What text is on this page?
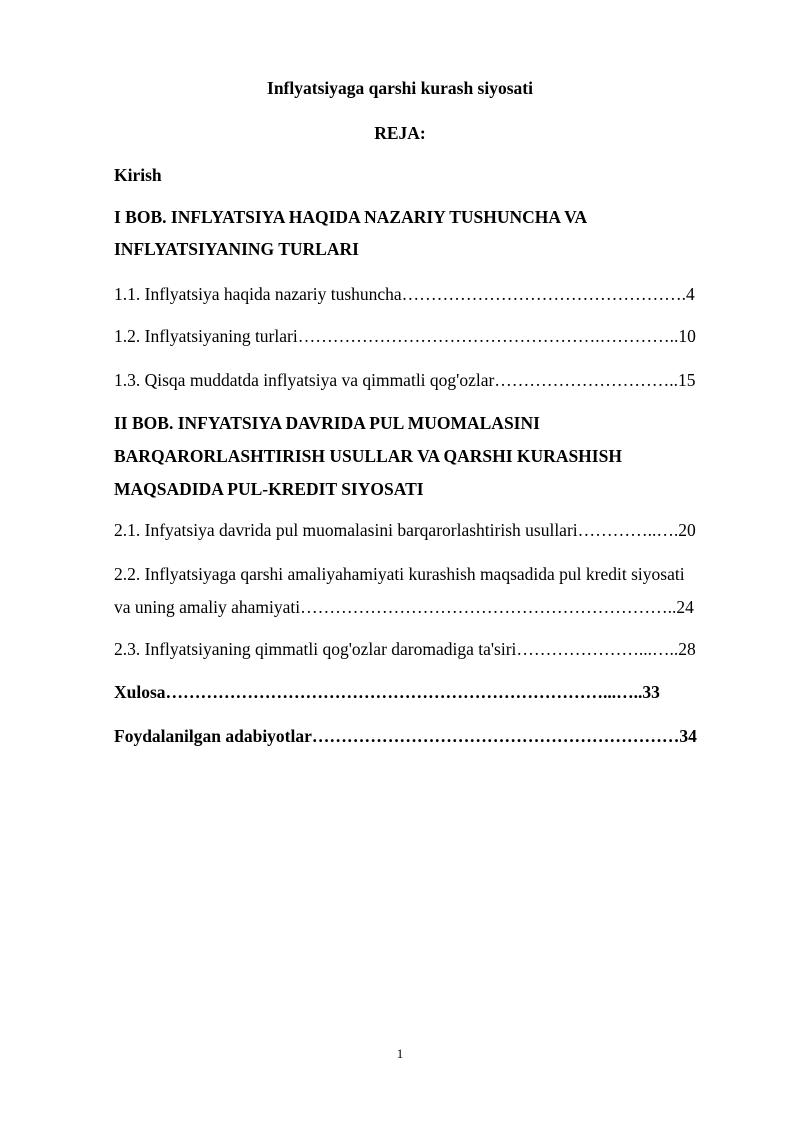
Inflyatsiyaga qarshi kurash siyosati
REJA:
Kirish
I BOB. INFLYATSIYA HAQIDA NAZARIY TUSHUNCHA VA
INFLYATSIYANING TURLARI
1.1. Inflyatsiya haqida nazariy tushuncha………………………………………….4
1.2. Inflyatsiyaning turlari…………………………………………….…………..10
1.3. Qisqa muddatda inflyatsiya va qimmatli qog'ozlar…………………………..15
II BOB. INFYATSIYA DAVRIDA PUL MUOMALASINI
BARQARORLASHTIRISH USULLAR VA QARSHI KURASHISH
MAQSADIDA PUL-KREDIT SIYOSATI
2.1. Infyatsiya davrida pul muomalasini barqarorlashtirish usullari…………..….20
2.2. Inflyatsiyaga qarshi amaliyahamiyati kurashish maqsadida pul kredit siyosati
va uning amaliy ahamiyati………………………………………………………..24
2.3. Inflyatsiyaning qimmatli qog'ozlar daromadiga ta'siri…………………...…..28
Xulosa…………………………………………………………………...…..33
Foydalanilgan adabiyotlar………………………………………………………34
1
